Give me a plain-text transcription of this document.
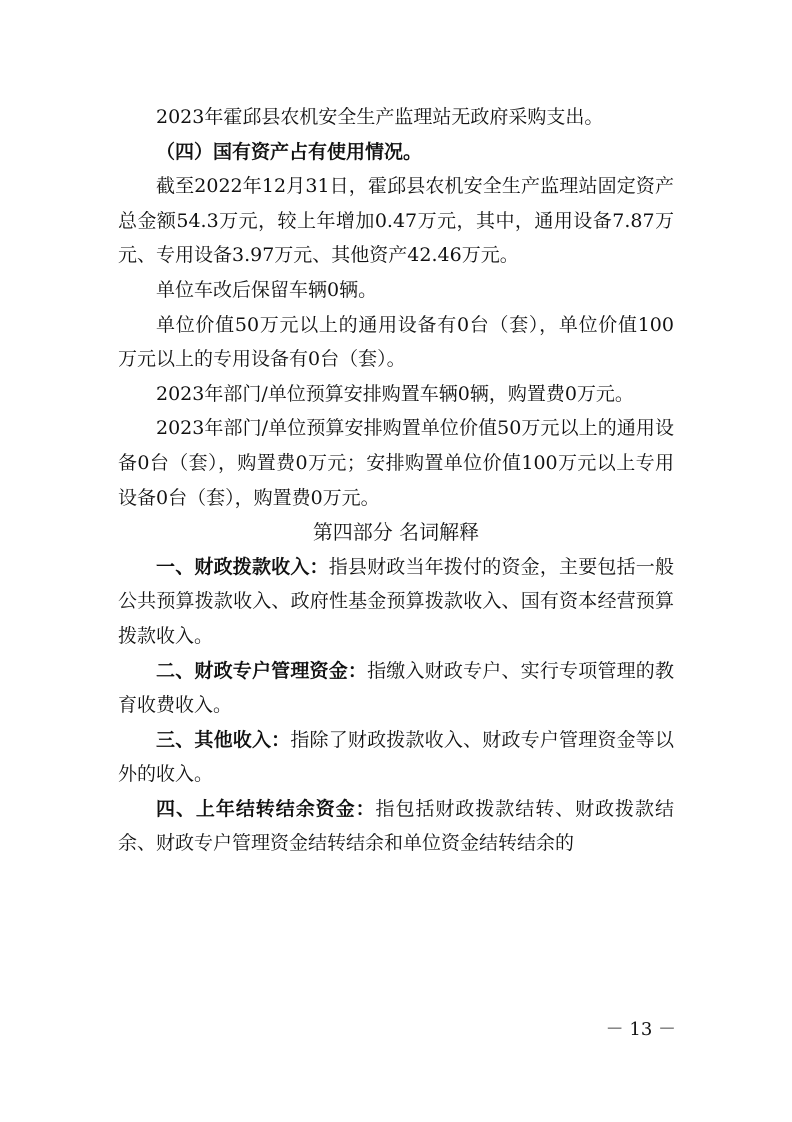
2023年霍邱县农机安全生产监理站无政府采购支出。

（四）国有资产占有使用情况。

截至2022年12月31日，霍邱县农机安全生产监理站固定资产总金额54.3万元，较上年增加0.47万元，其中，通用设备7.87万元、专用设备3.97万元、其他资产42.46万元。

单位车改后保留车辆0辆。

单位价值50万元以上的通用设备有0台（套），单位价值100万元以上的专用设备有0台（套）。

2023年部门/单位预算安排购置车辆0辆，购置费0万元。

2023年部门/单位预算安排购置单位价值50万元以上的通用设备0台（套），购置费0万元；安排购置单位价值100万元以上专用设备0台（套），购置费0万元。

第四部分 名词解释

一、财政拨款收入：指县财政当年拨付的资金，主要包括一般公共预算拨款收入、政府性基金预算拨款收入、国有资本经营预算拨款收入。

二、财政专户管理资金：指缴入财政专户、实行专项管理的教育收费收入。

三、其他收入：指除了财政拨款收入、财政专户管理资金等以外的收入。

四、上年结转结余资金：指包括财政拨款结转、财政拨款结余、财政专户管理资金结转结余和单位资金结转结余的

－ 13 －
